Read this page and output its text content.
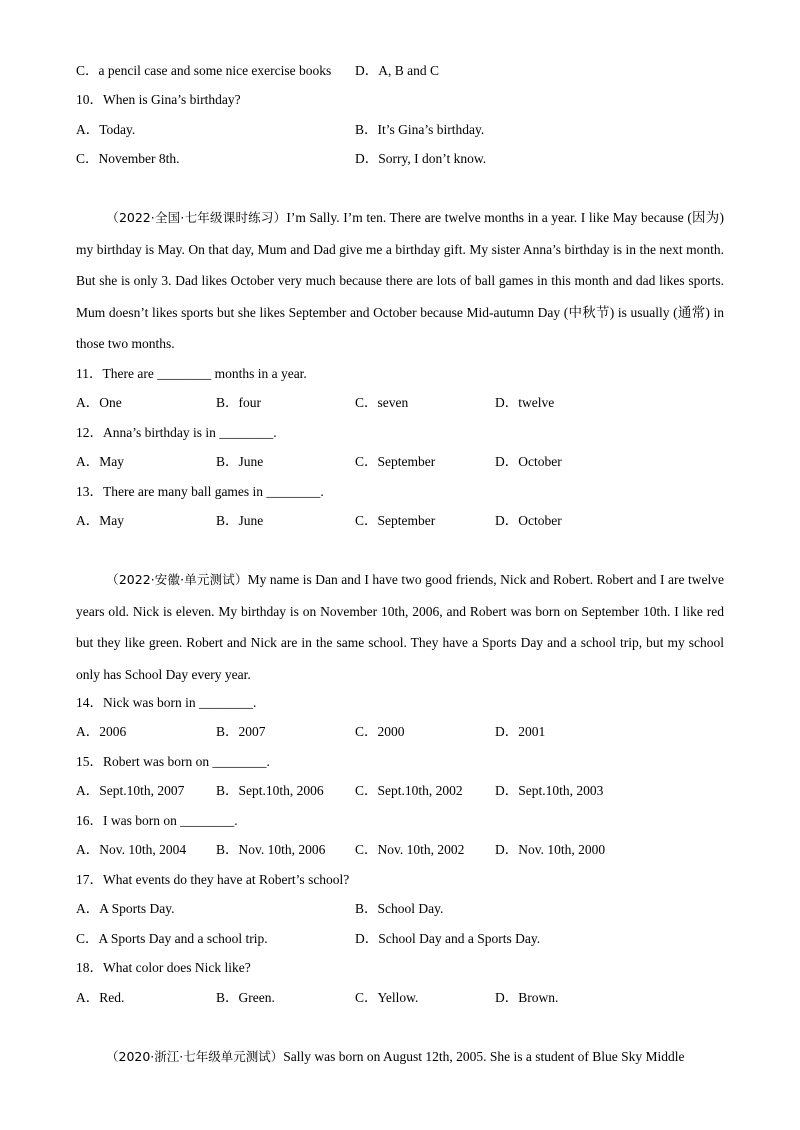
C．a pencil case and some nice exercise books D．A, B and C
10．When is Gina’s birthday?
A．Today.	B．It’s Gina’s birthday.
C．November 8th.	D．Sorry, I don’t know.
（2022·全国·七年级课时练习）I’m Sally. I’m ten. There are twelve months in a year. I like May because (因为) my birthday is May. On that day, Mum and Dad give me a birthday gift. My sister Anna’s birthday is in the next month. But she is only 3. Dad likes October very much because there are lots of ball games in this month and dad likes sports. Mum doesn’t likes sports but she likes September and October because Mid-autumn Day (中秋节) is usually (通常) in those two months.
11．There are ________ months in a year.
A．One	B．four	C．seven	D．twelve
12．Anna’s birthday is in ________.
A．May	B．June	C．September	D．October
13．There are many ball games in ________.
A．May	B．June	C．September	D．October
（2022·安徽·单元测试）My name is Dan and I have two good friends, Nick and Robert. Robert and I are twelve years old. Nick is eleven. My birthday is on November 10th, 2006, and Robert was born on September 10th. I like red but they like green. Robert and Nick are in the same school. They have a Sports Day and a school trip, but my school only has School Day every year.
14．Nick was born in ________.
A．2006	B．2007	C．2000	D．2001
15．Robert was born on ________.
A．Sept.10th, 2007 B．Sept.10th, 2006 C．Sept.10th, 2002 D．Sept.10th, 2003
16．I was born on ________.
A．Nov. 10th, 2004 B．Nov. 10th, 2006 C．Nov. 10th, 2002 D．Nov. 10th, 2000
17．What events do they have at Robert’s school?
A．A Sports Day.	B．School Day.
C．A Sports Day and a school trip.	D．School Day and a Sports Day.
18．What color does Nick like?
A．Red.	B．Green.	C．Yellow.	D．Brown.
（2020·浙江·七年级单元测试）Sally was born on August 12th, 2005. She is a student of Blue Sky Middle
